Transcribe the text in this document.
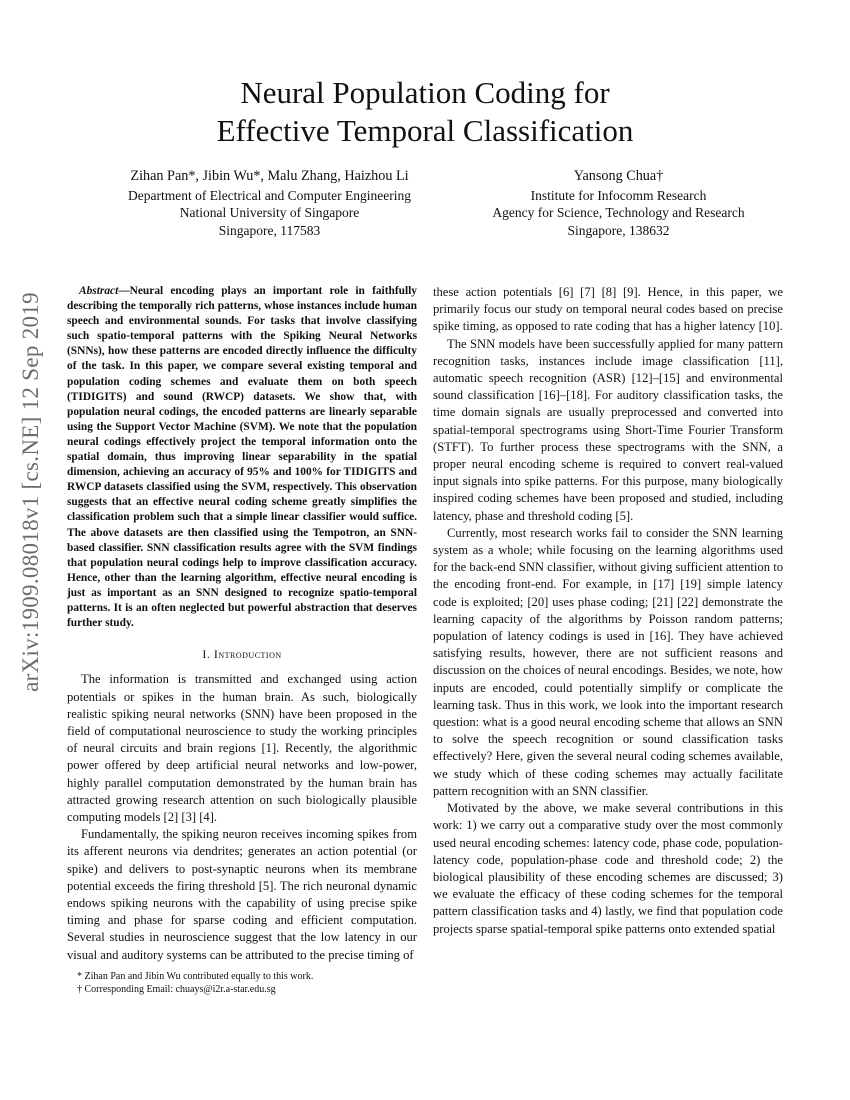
arXiv:1909.08018v1 [cs.NE] 12 Sep 2019
Neural Population Coding for
Effective Temporal Classification
Zihan Pan*, Jibin Wu*, Malu Zhang, Haizhou Li
Department of Electrical and Computer Engineering
National University of Singapore
Singapore, 117583
Yansong Chua†
Institute for Infocomm Research
Agency for Science, Technology and Research
Singapore, 138632

Abstract—Neural encoding plays an important role in faithfully describing the temporally rich patterns, whose instances include human speech and environmental sounds. For tasks that involve classifying such spatio-temporal patterns with the Spiking Neural Networks (SNNs), how these patterns are encoded directly influence the difficulty of the task. In this paper, we compare several existing temporal and population coding schemes and evaluate them on both speech (TIDIGITS) and sound (RWCP) datasets. We show that, with population neural codings, the encoded patterns are linearly separable using the Support Vector Machine (SVM). We note that the population neural codings effectively project the temporal information onto the spatial domain, thus improving linear separability in the spatial dimension, achieving an accuracy of 95% and 100% for TIDIGITS and RWCP datasets classified using the SVM, respectively. This observation suggests that an effective neural coding scheme greatly simplifies the classification problem such that a simple linear classifier would suffice. The above datasets are then classified using the Tempotron, an SNN-based classifier. SNN classification results agree with the SVM findings that population neural codings help to improve classification accuracy. Hence, other than the learning algorithm, effective neural encoding is just as important as an SNN designed to recognize spatio-temporal patterns. It is an often neglected but powerful abstraction that deserves further study.

I. Introduction

The information is transmitted and exchanged using action potentials or spikes in the human brain. As such, biologically realistic spiking neural networks (SNN) have been proposed in the field of computational neuroscience to study the working principles of neural circuits and brain regions [1]. Recently, the algorithmic power offered by deep artificial neural networks and low-power, highly parallel computation demonstrated by the human brain has attracted growing research attention on such biologically plausible computing models [2] [3] [4].

Fundamentally, the spiking neuron receives incoming spikes from its afferent neurons via dendrites; generates an action potential (or spike) and delivers to post-synaptic neurons when its membrane potential exceeds the firing threshold [5]. The rich neuronal dynamic endows spiking neurons with the capability of using precise spike timing and phase for sparse coding and efficient computation. Several studies in neuroscience suggest that the low latency in our visual and auditory systems can be attributed to the precise timing of

* Zihan Pan and Jibin Wu contributed equally to this work.
† Corresponding Email: chuays@i2r.a-star.edu.sg

these action potentials [6] [7] [8] [9]. Hence, in this paper, we primarily focus our study on temporal neural codes based on precise spike timing, as opposed to rate coding that has a higher latency [10].

The SNN models have been successfully applied for many pattern recognition tasks, instances include image classification [11], automatic speech recognition (ASR) [12]–[15] and environmental sound classification [16]–[18]. For auditory classification tasks, the time domain signals are usually preprocessed and converted into spatial-temporal spectrograms using Short-Time Fourier Transform (STFT). To further process these spectrograms with the SNN, a proper neural encoding scheme is required to convert real-valued input signals into spike patterns. For this purpose, many biologically inspired coding schemes have been proposed and studied, including latency, phase and threshold coding [5].

Currently, most research works fail to consider the SNN learning system as a whole; while focusing on the learning algorithms used for the back-end SNN classifier, without giving sufficient attention to the encoding front-end. For example, in [17] [19] simple latency code is exploited; [20] uses phase coding; [21] [22] demonstrate the learning capacity of the algorithms by Poisson random patterns; population of latency codings is used in [16]. They have achieved satisfying results, however, there are not sufficient reasons and discussion on the choices of neural encodings. Besides, we note, how inputs are encoded, could potentially simplify or complicate the learning task. Thus in this work, we look into the important research question: what is a good neural encoding scheme that allows an SNN to solve the speech recognition or sound classification tasks effectively? Here, given the several neural coding schemes available, we study which of these coding schemes may actually facilitate pattern recognition with an SNN classifier.

Motivated by the above, we make several contributions in this work: 1) we carry out a comparative study over the most commonly used neural encoding schemes: latency code, phase code, population-latency code, population-phase code and threshold code; 2) the biological plausibility of these encoding schemes are discussed; 3) we evaluate the efficacy of these coding schemes for the temporal pattern classification tasks and 4) lastly, we find that population code projects sparse spatial-temporal spike patterns onto extended spatial
